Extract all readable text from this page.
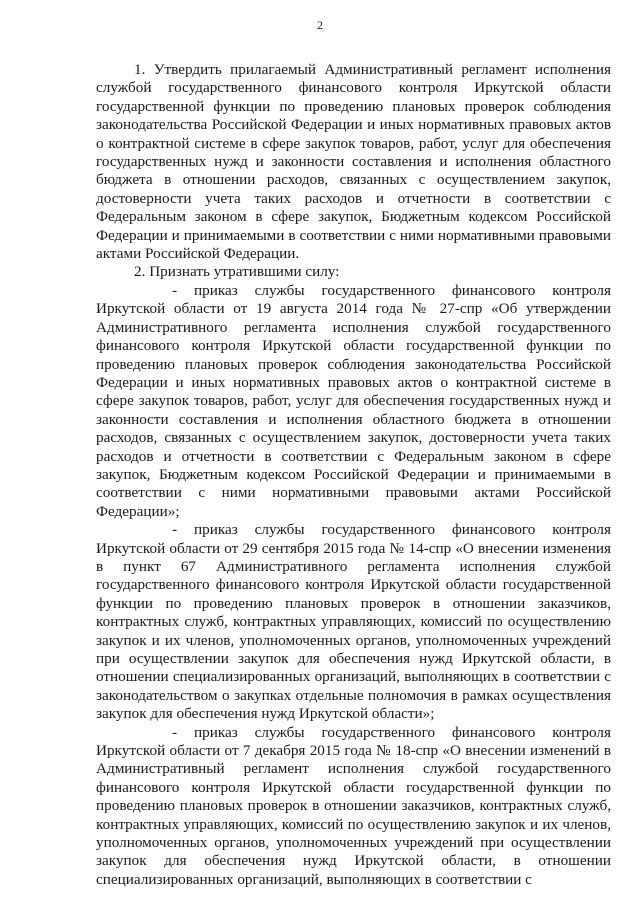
2

1. Утвердить прилагаемый Административный регламент исполнения службой государственного финансового контроля Иркутской области государственной функции по проведению плановых проверок соблюдения законодательства Российской Федерации и иных нормативных правовых актов о контрактной системе в сфере закупок товаров, работ, услуг для обеспечения государственных нужд и законности составления и исполнения областного бюджета в отношении расходов, связанных с осуществлением закупок, достоверности учета таких расходов и отчетности в соответствии с Федеральным законом в сфере закупок, Бюджетным кодексом Российской Федерации и принимаемыми в соответствии с ними нормативными правовыми актами Российской Федерации.

2. Признать утратившими силу:

- приказ службы государственного финансового контроля Иркутской области от 19 августа 2014 года № 27-спр «Об утверждении Административного регламента исполнения службой государственного финансового контроля Иркутской области государственной функции по проведению плановых проверок соблюдения законодательства Российской Федерации и иных нормативных правовых актов о контрактной системе в сфере закупок товаров, работ, услуг для обеспечения государственных нужд и законности составления и исполнения областного бюджета в отношении расходов, связанных с осуществлением закупок, достоверности учета таких расходов и отчетности в соответствии с Федеральным законом в сфере закупок, Бюджетным кодексом Российской Федерации и принимаемыми в соответствии с ними нормативными правовыми актами Российской Федерации»;

- приказ службы государственного финансового контроля Иркутской области от 29 сентября 2015 года № 14-спр «О внесении изменения в пункт 67 Административного регламента исполнения службой государственного финансового контроля Иркутской области государственной функции по проведению плановых проверок в отношении заказчиков, контрактных служб, контрактных управляющих, комиссий по осуществлению закупок и их членов, уполномоченных органов, уполномоченных учреждений при осуществлении закупок для обеспечения нужд Иркутской области, в отношении специализированных организаций, выполняющих в соответствии с законодательством о закупках отдельные полномочия в рамках осуществления закупок для обеспечения нужд Иркутской области»;

- приказ службы государственного финансового контроля Иркутской области от 7 декабря 2015 года № 18-спр «О внесении изменений в Административный регламент исполнения службой государственного финансового контроля Иркутской области государственной функции по проведению плановых проверок в отношении заказчиков, контрактных служб, контрактных управляющих, комиссий по осуществлению закупок и их членов, уполномоченных органов, уполномоченных учреждений при осуществлении закупок для обеспечения нужд Иркутской области, в отношении специализированных организаций, выполняющих в соответствии с
